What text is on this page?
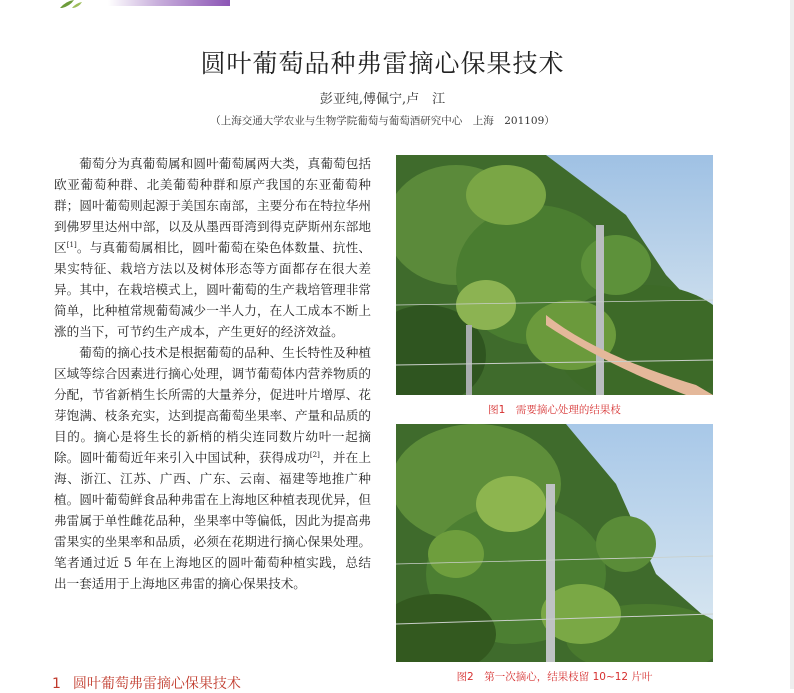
圆叶葡萄品种弗雷摘心保果技术
彭亚纯,傅佩宁,卢　江
（上海交通大学农业与生物学院葡萄与葡萄酒研究中心　上海　201109）

葡萄分为真葡萄属和圆叶葡萄属两大类，真葡萄包括欧亚葡萄种群、北美葡萄种群和原产我国的东亚葡萄种群；圆叶葡萄则起源于美国东南部，主要分布在特拉华州到佛罗里达州中部，以及从墨西哥湾到得克萨斯州东部地区[1]。与真葡萄属相比，圆叶葡萄在染色体数量、抗性、果实特征、栽培方法以及树体形态等方面都存在很大差异。其中，在栽培模式上，圆叶葡萄的生产栽培管理非常简单，比种植常规葡萄减少一半人力，在人工成本不断上涨的当下，可节约生产成本，产生更好的经济效益。

葡萄的摘心技术是根据葡萄的品种、生长特性及种植区域等综合因素进行摘心处理，调节葡萄体内营养物质的分配，节省新梢生长所需的大量养分，促进叶片增厚、花芽饱满、枝条充实，达到提高葡萄坐果率、产量和品质的目的。摘心是将生长的新梢的梢尖连同数片幼叶一起摘除。圆叶葡萄近年来引入中国试种，获得成功[2]，并在上海、浙江、江苏、广西、广东、云南、福建等地推广种植。圆叶葡萄鲜食品种弗雷在上海地区种植表现优异，但弗雷属于单性雌花品种，坐果率中等偏低，因此为提高弗雷果实的坐果率和品质，必须在花期进行摘心保果处理。笔者通过近 5 年在上海地区的圆叶葡萄种植实践，总结出一套适用于上海地区弗雷的摘心保果技术。

1 圆叶葡萄弗雷摘心保果技术
图1　需要摘心处理的结果枝
图2　第一次摘心，结果枝留 10~12 片叶
